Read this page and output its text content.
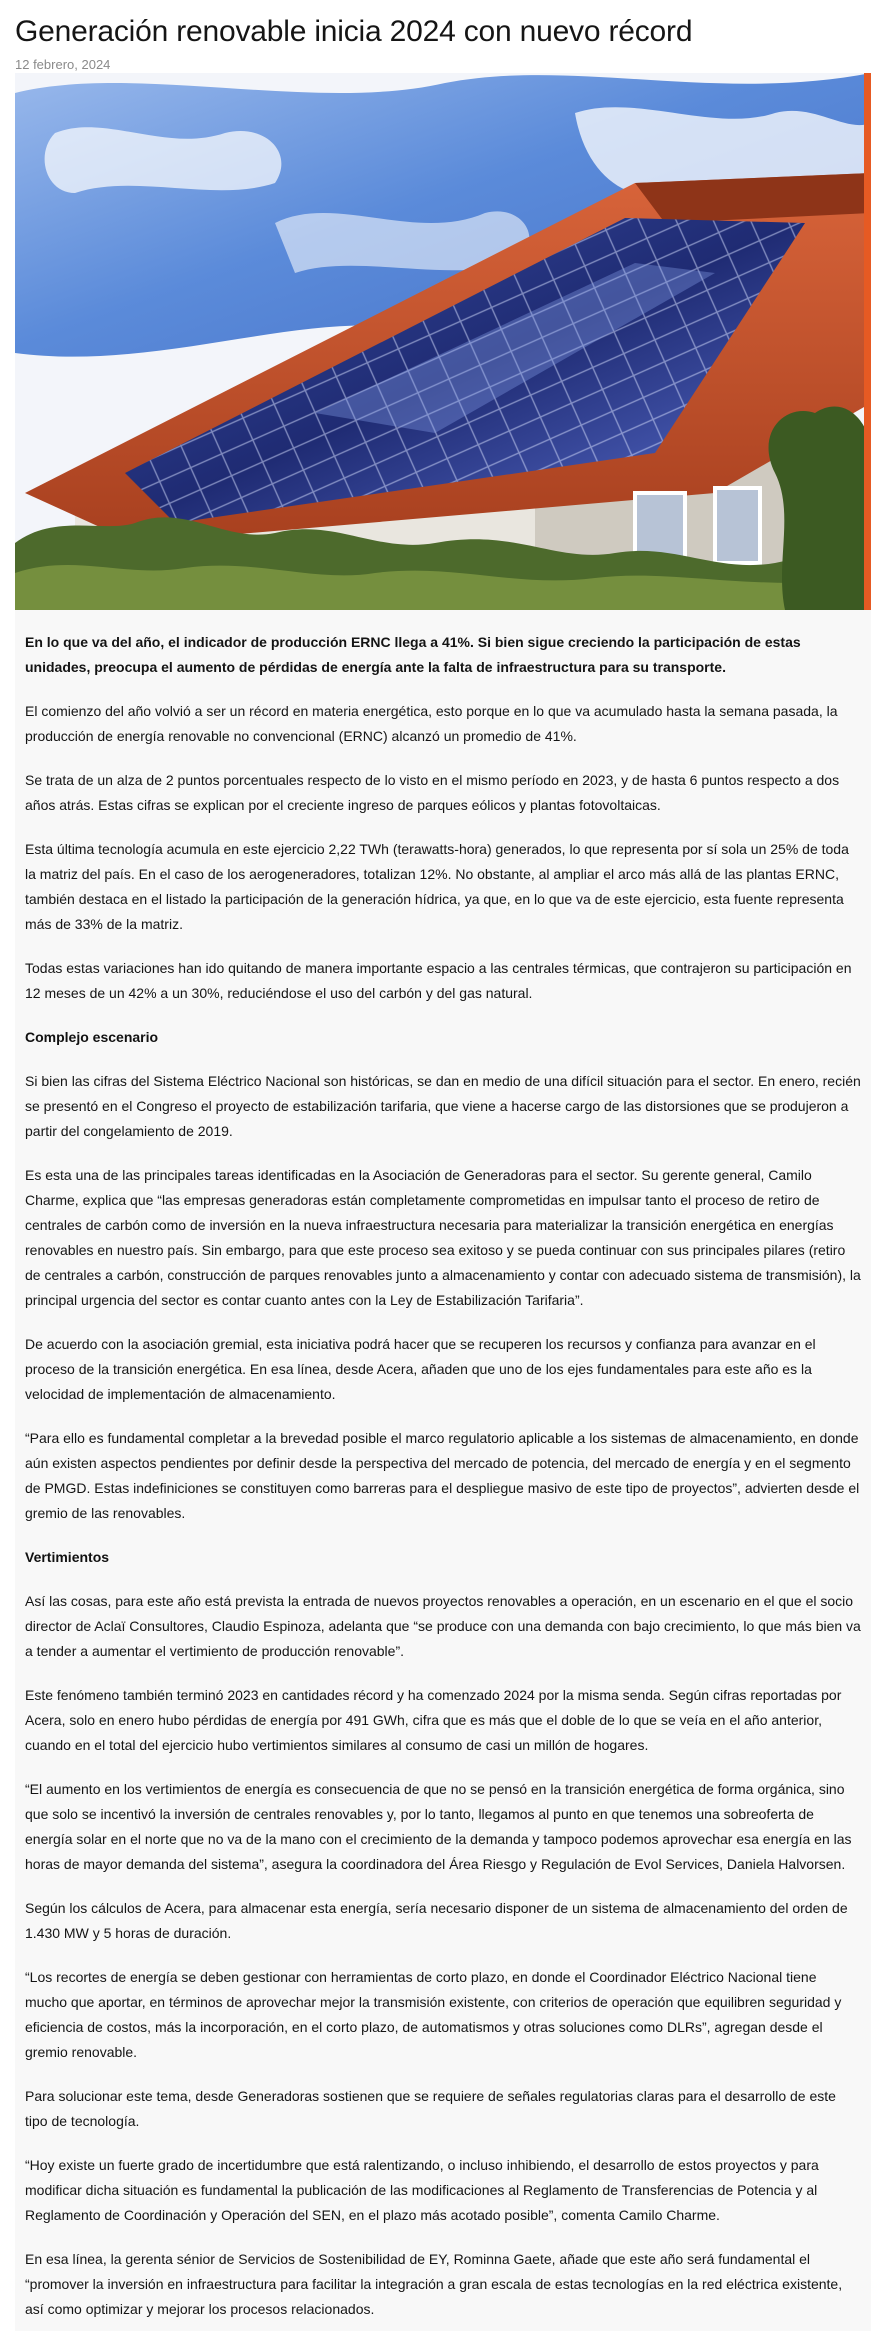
Generación renovable inicia 2024 con nuevo récord
12 febrero, 2024

En lo que va del año, el indicador de producción ERNC llega a 41%. Si bien sigue creciendo la participación de estas unidades, preocupa el aumento de pérdidas de energía ante la falta de infraestructura para su transporte.

El comienzo del año volvió a ser un récord en materia energética, esto porque en lo que va acumulado hasta la semana pasada, la producción de energía renovable no convencional (ERNC) alcanzó un promedio de 41%.

Se trata de un alza de 2 puntos porcentuales respecto de lo visto en el mismo período en 2023, y de hasta 6 puntos respecto a dos años atrás. Estas cifras se explican por el creciente ingreso de parques eólicos y plantas fotovoltaicas.

Esta última tecnología acumula en este ejercicio 2,22 TWh (terawatts-hora) generados, lo que representa por sí sola un 25% de toda la matriz del país. En el caso de los aerogeneradores, totalizan 12%. No obstante, al ampliar el arco más allá de las plantas ERNC, también destaca en el listado la participación de la generación hídrica, ya que, en lo que va de este ejercicio, esta fuente representa más de 33% de la matriz.

Todas estas variaciones han ido quitando de manera importante espacio a las centrales térmicas, que contrajeron su participación en 12 meses de un 42% a un 30%, reduciéndose el uso del carbón y del gas natural.

Complejo escenario

Si bien las cifras del Sistema Eléctrico Nacional son históricas, se dan en medio de una difícil situación para el sector. En enero, recién se presentó en el Congreso el proyecto de estabilización tarifaria, que viene a hacerse cargo de las distorsiones que se produjeron a partir del congelamiento de 2019.

Es esta una de las principales tareas identificadas en la Asociación de Generadoras para el sector. Su gerente general, Camilo Charme, explica que “las empresas generadoras están completamente comprometidas en impulsar tanto el proceso de retiro de centrales de carbón como de inversión en la nueva infraestructura necesaria para materializar la transición energética en energías renovables en nuestro país. Sin embargo, para que este proceso sea exitoso y se pueda continuar con sus principales pilares (retiro de centrales a carbón, construcción de parques renovables junto a almacenamiento y contar con adecuado sistema de transmisión), la principal urgencia del sector es contar cuanto antes con la Ley de Estabilización Tarifaria”.

De acuerdo con la asociación gremial, esta iniciativa podrá hacer que se recuperen los recursos y confianza para avanzar en el proceso de la transición energética. En esa línea, desde Acera, añaden que uno de los ejes fundamentales para este año es la velocidad de implementación de almacenamiento.

“Para ello es fundamental completar a la brevedad posible el marco regulatorio aplicable a los sistemas de almacenamiento, en donde aún existen aspectos pendientes por definir desde la perspectiva del mercado de potencia, del mercado de energía y en el segmento de PMGD. Estas indefiniciones se constituyen como barreras para el despliegue masivo de este tipo de proyectos”, advierten desde el gremio de las renovables.

Vertimientos

Así las cosas, para este año está prevista la entrada de nuevos proyectos renovables a operación, en un escenario en el que el socio director de Aclaï Consultores, Claudio Espinoza, adelanta que “se produce con una demanda con bajo crecimiento, lo que más bien va a tender a aumentar el vertimiento de producción renovable”.

Este fenómeno también terminó 2023 en cantidades récord y ha comenzado 2024 por la misma senda. Según cifras reportadas por Acera, solo en enero hubo pérdidas de energía por 491 GWh, cifra que es más que el doble de lo que se veía en el año anterior, cuando en el total del ejercicio hubo vertimientos similares al consumo de casi un millón de hogares.

“El aumento en los vertimientos de energía es consecuencia de que no se pensó en la transición energética de forma orgánica, sino que solo se incentivó la inversión de centrales renovables y, por lo tanto, llegamos al punto en que tenemos una sobreoferta de energía solar en el norte que no va de la mano con el crecimiento de la demanda y tampoco podemos aprovechar esa energía en las horas de mayor demanda del sistema”, asegura la coordinadora del Área Riesgo y Regulación de Evol Services, Daniela Halvorsen.

Según los cálculos de Acera, para almacenar esta energía, sería necesario disponer de un sistema de almacenamiento del orden de 1.430 MW y 5 horas de duración.

“Los recortes de energía se deben gestionar con herramientas de corto plazo, en donde el Coordinador Eléctrico Nacional tiene mucho que aportar, en términos de aprovechar mejor la transmisión existente, con criterios de operación que equilibren seguridad y eficiencia de costos, más la incorporación, en el corto plazo, de automatismos y otras soluciones como DLRs”, agregan desde el gremio renovable.

Para solucionar este tema, desde Generadoras sostienen que se requiere de señales regulatorias claras para el desarrollo de este tipo de tecnología.

“Hoy existe un fuerte grado de incertidumbre que está ralentizando, o incluso inhibiendo, el desarrollo de estos proyectos y para modificar dicha situación es fundamental la publicación de las modificaciones al Reglamento de Transferencias de Potencia y al Reglamento de Coordinación y Operación del SEN, en el plazo más acotado posible”, comenta Camilo Charme.

En esa línea, la gerenta sénior de Servicios de Sostenibilidad de EY, Rominna Gaete, añade que este año será fundamental el “promover la inversión en infraestructura para facilitar la integración a gran escala de estas tecnologías en la red eléctrica existente, así como optimizar y mejorar los procesos relacionados.
